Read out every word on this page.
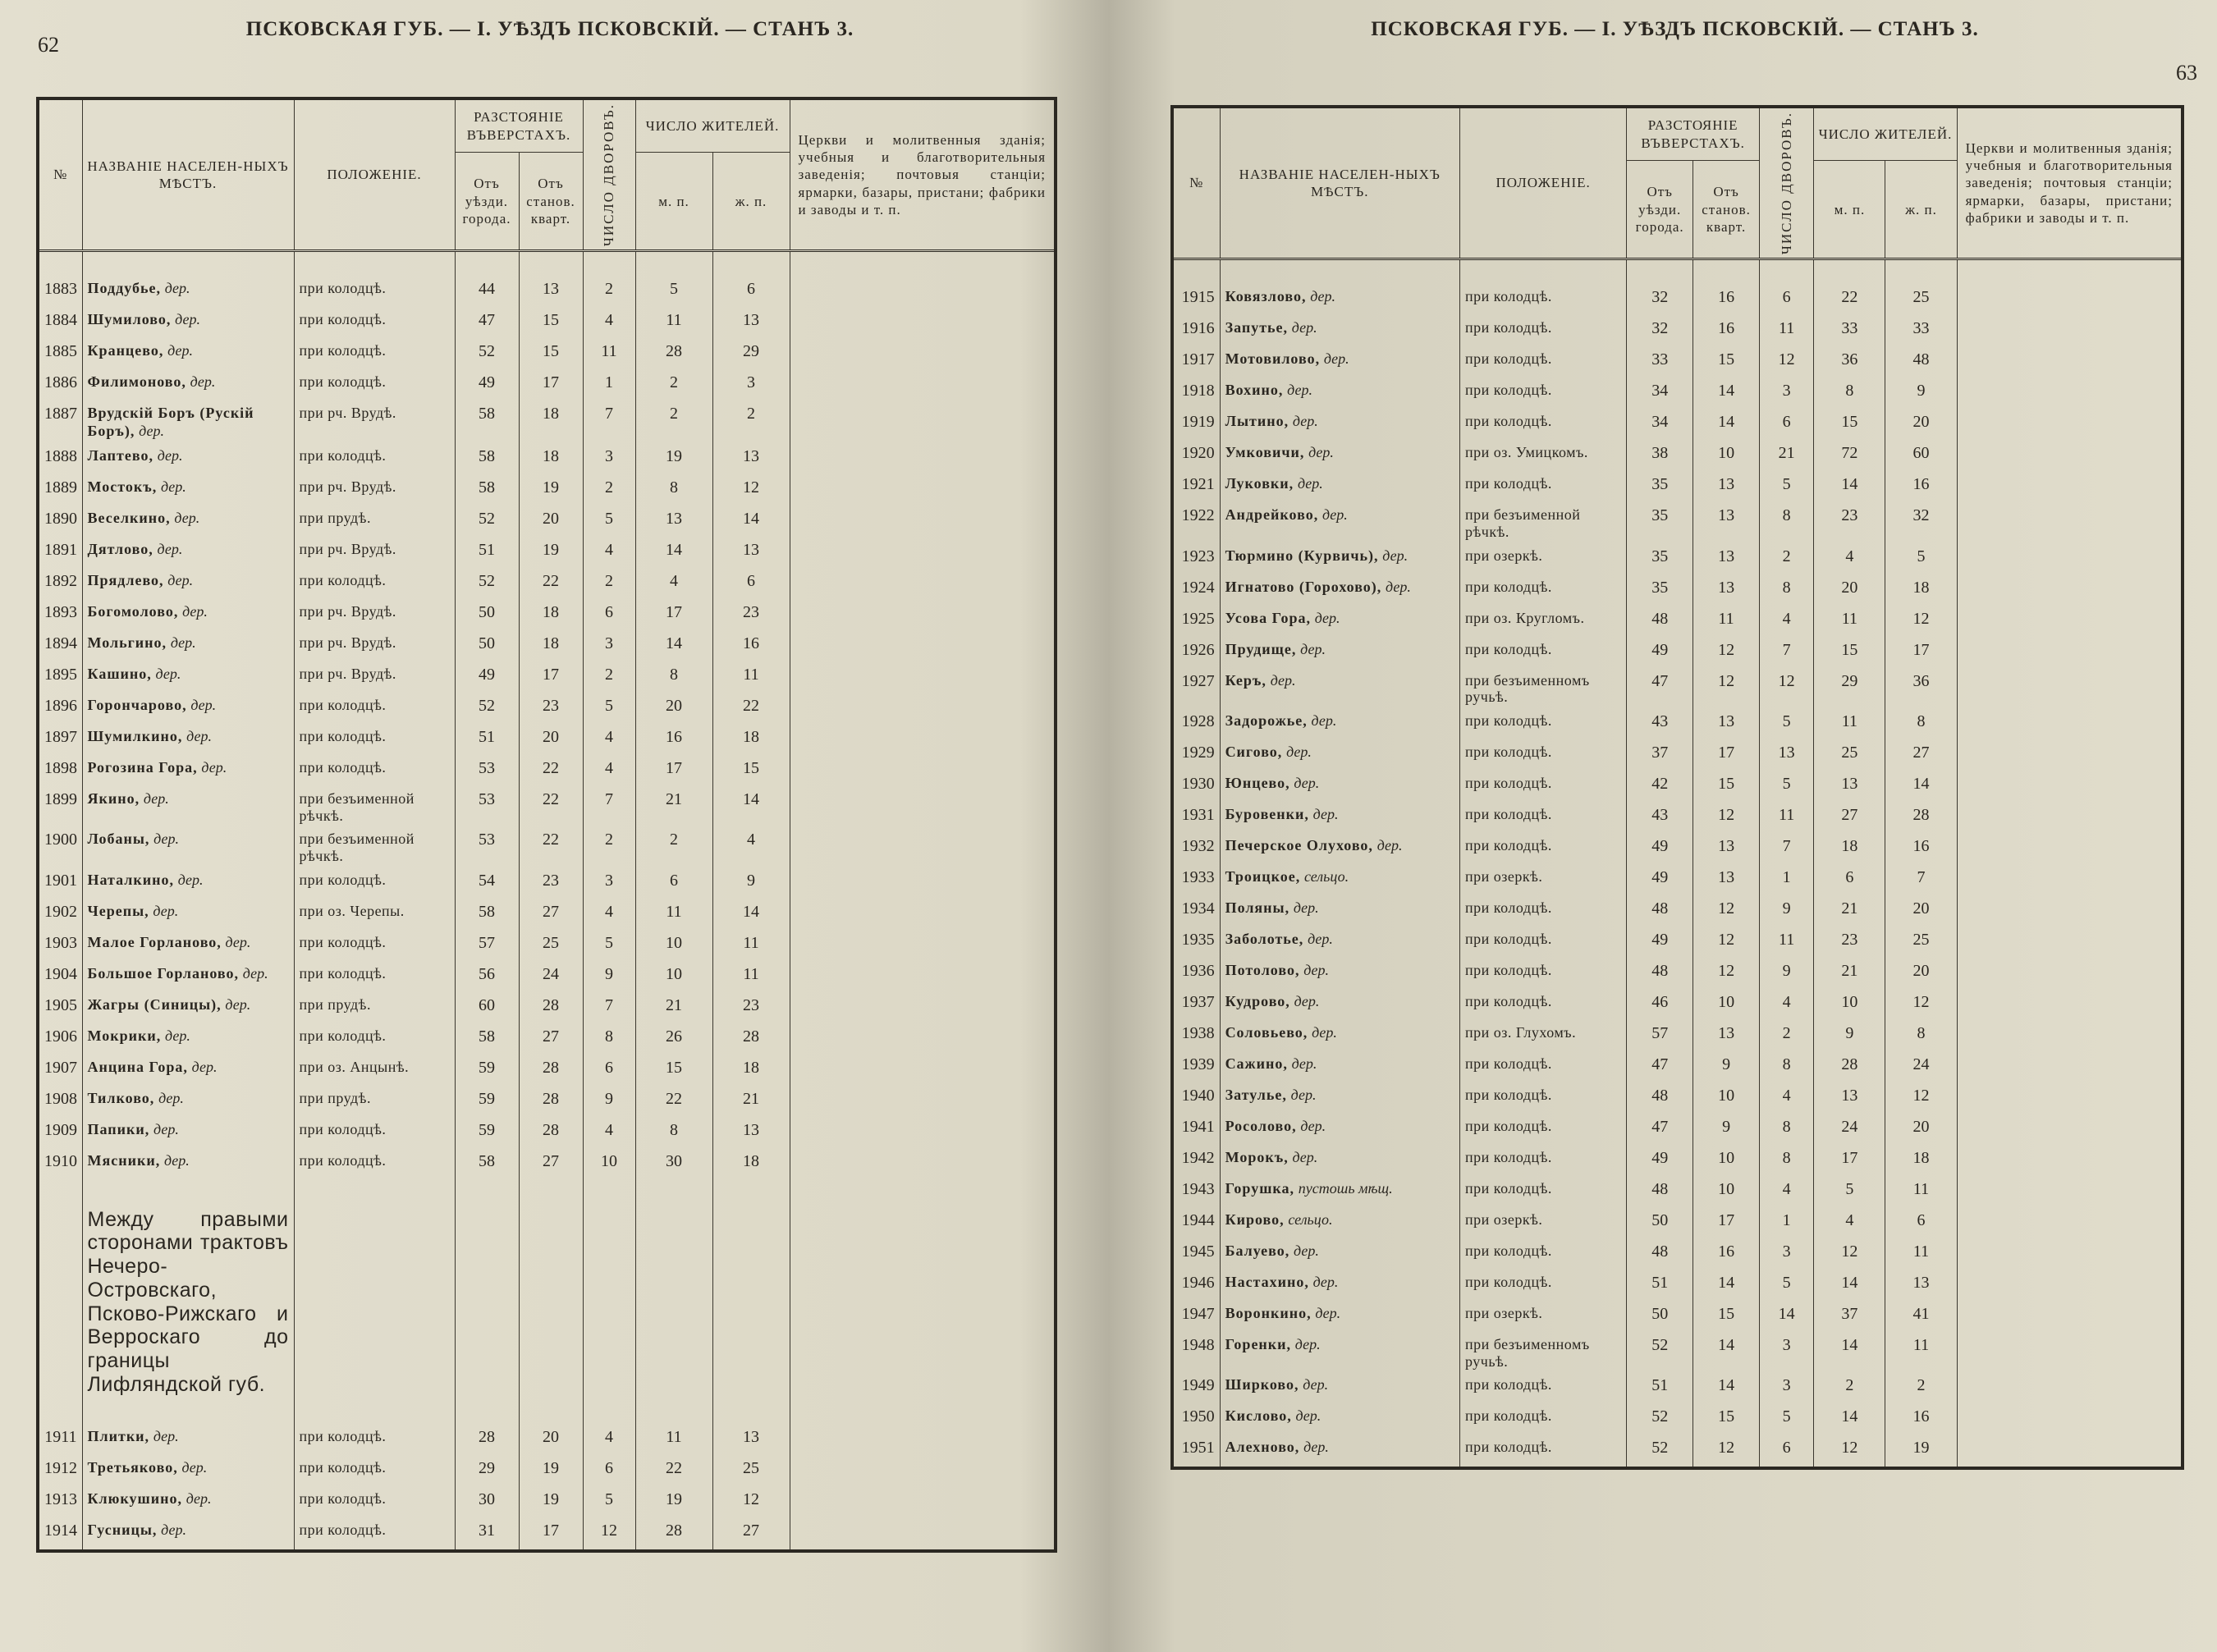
62
ПСКОВСКАЯ ГУБ. — I. УѢЗДЪ ПСКОВСКІЙ. — СТАНЪ 3.
№	НАЗВАНІЕ НАСЕЛЕН-НЫХЪ МѢСТЪ.	ПОЛОЖЕНІЕ.	РАЗСТОЯНІЕ ВЪВЕРСТАХЪ.		ЧИСЛО ДВОРОВЪ.	ЧИСЛО ЖИТЕЛЕЙ.		Церкви и молитвенныя зданія; учебныя и благотворительныя заведенія; почтовыя станціи; ярмарки, базары, пристани; фабрики и заводы и т. п.
			Отъ уѣзди. города.	Отъ станов. кварт.		м. п.	ж. п.	
1883	Поддубье, дер.	при колодцѣ.	44	13	2	5	6	
1884	Шумилово, дер.	при колодцѣ.	47	15	4	11	13	
1885	Кранцево, дер.	при колодцѣ.	52	15	11	28	29	
1886	Филимоново, дер.	при колодцѣ.	49	17	1	2	3	
1887	Врудскій Боръ (Рускій Боръ), дер.	при рч. Врудѣ.	58	18	7	2	2	
1888	Лаптево, дер.	при колодцѣ.	58	18	3	19	13	
1889	Мостокъ, дер.	при рч. Врудѣ.	58	19	2	8	12	
1890	Веселкино, дер.	при прудѣ.	52	20	5	13	14	
1891	Дятлово, дер.	при рч. Врудѣ.	51	19	4	14	13	
1892	Прядлево, дер.	при колодцѣ.	52	22	2	4	6	
1893	Богомолово, дер.	при рч. Врудѣ.	50	18	6	17	23	
1894	Мольгино, дер.	при рч. Врудѣ.	50	18	3	14	16	
1895	Кашино, дер.	при рч. Врудѣ.	49	17	2	8	11	
1896	Горончарово, дер.	при колодцѣ.	52	23	5	20	22	
1897	Шумилкино, дер.	при колодцѣ.	51	20	4	16	18	
1898	Рогозина Гора, дер.	при колодцѣ.	53	22	4	17	15	
1899	Якино, дер.	при безъименной рѣчкѣ.	53	22	7	21	14	
1900	Лобаны, дер.	при безъименной рѣчкѣ.	53	22	2	2	4	
1901	Наталкино, дер.	при колодцѣ.	54	23	3	6	9	
1902	Черепы, дер.	при оз. Черепы.	58	27	4	11	14	
1903	Малое Горланово, дер.	при колодцѣ.	57	25	5	10	11	
1904	Большое Горланово, дер.	при колодцѣ.	56	24	9	10	11	
1905	Жагры (Синицы), дер.	при прудѣ.	60	28	7	21	23	
1906	Мокрики, дер.	при колодцѣ.	58	27	8	26	28	
1907	Анцина Гора, дер.	при оз. Анцынѣ.	59	28	6	15	18	
1908	Тилково, дер.	при прудѣ.	59	28	9	22	21	
1909	Папики, дер.	при колодцѣ.	59	28	4	8	13	
1910	Мясники, дер.	при колодцѣ.	58	27	10	30	18	
	Между правыми сторонами трактовъ Нечеро-Островскаго, Псково-Рижскаго и Верроскаго до границы Лифляндской губ.							
1911	Плитки, дер.	при колодцѣ.	28	20	4	11	13	
1912	Третьяково, дер.	при колодцѣ.	29	19	6	22	25	
1913	Клюкушино, дер.	при колодцѣ.	30	19	5	19	12	
1914	Гусницы, дер.	при колодцѣ.	31	17	12	28	27	
63
ПСКОВСКАЯ ГУБ. — I. УѢЗДЪ ПСКОВСКІЙ. — СТАНЪ 3.
№	НАЗВАНІЕ НАСЕЛЕН-НЫХЪ МѢСТЪ.	ПОЛОЖЕНІЕ.	РАЗСТОЯНІЕ ВЪВЕРСТАХЪ.		ЧИСЛО ДВОРОВЪ.	ЧИСЛО ЖИТЕЛЕЙ.		Церкви и молитвенныя зданія; учебныя и благотворительныя заведенія; почтовыя станціи; ярмарки, базары, пристани; фабрики и заводы и т. п.
			Отъ уѣзди. города.	Отъ станов. кварт.		м. п.	ж. п.	
1915	Ковязлово, дер.	при колодцѣ.	32	16	6	22	25	
1916	Запутье, дер.	при колодцѣ.	32	16	11	33	33	
1917	Мотовилово, дер.	при колодцѣ.	33	15	12	36	48	
1918	Вохино, дер.	при колодцѣ.	34	14	3	8	9	
1919	Лытино, дер.	при колодцѣ.	34	14	6	15	20	
1920	Умковичи, дер.	при оз. Умицкомъ.	38	10	21	72	60	
1921	Луковки, дер.	при колодцѣ.	35	13	5	14	16	
1922	Андрейково, дер.	при безъименной рѣчкѣ.	35	13	8	23	32	
1923	Тюрмино (Курвичь), дер.	при озеркѣ.	35	13	2	4	5	
1924	Игнатово (Горохово), дер.	при колодцѣ.	35	13	8	20	18	
1925	Усова Гора, дер.	при оз. Кругломъ.	48	11	4	11	12	
1926	Прудище, дер.	при колодцѣ.	49	12	7	15	17	
1927	Керъ, дер.	при безъименномъ ручьѣ.	47	12	12	29	36	
1928	Задорожье, дер.	при колодцѣ.	43	13	5	11	8	
1929	Сигово, дер.	при колодцѣ.	37	17	13	25	27	
1930	Юнцево, дер.	при колодцѣ.	42	15	5	13	14	
1931	Буровенки, дер.	при колодцѣ.	43	12	11	27	28	
1932	Печерское Олухово, дер.	при колодцѣ.	49	13	7	18	16	
1933	Троицкое, сельцо.	при озеркѣ.	49	13	1	6	7	
1934	Поляны, дер.	при колодцѣ.	48	12	9	21	20	
1935	Заболотье, дер.	при колодцѣ.	49	12	11	23	25	
1936	Потолово, дер.	при колодцѣ.	48	12	9	21	20	
1937	Кудрово, дер.	при колодцѣ.	46	10	4	10	12	
1938	Соловьево, дер.	при оз. Глухомъ.	57	13	2	9	8	
1939	Сажино, дер.	при колодцѣ.	47	9	8	28	24	
1940	Затулье, дер.	при колодцѣ.	48	10	4	13	12	
1941	Росолово, дер.	при колодцѣ.	47	9	8	24	20	
1942	Морокъ, дер.	при колодцѣ.	49	10	8	17	18	
1943	Горушка, пустошь мѣщ.	при колодцѣ.	48	10	4	5	11	
1944	Кирово, сельцо.	при озеркѣ.	50	17	1	4	6	
1945	Балуево, дер.	при колодцѣ.	48	16	3	12	11	
1946	Настахино, дер.	при колодцѣ.	51	14	5	14	13	
1947	Воронкино, дер.	при озеркѣ.	50	15	14	37	41	
1948	Горенки, дер.	при безъименномъ ручьѣ.	52	14	3	14	11	
1949	Ширково, дер.	при колодцѣ.	51	14	3	2	2	
1950	Кислово, дер.	при колодцѣ.	52	15	5	14	16	
1951	Алехново, дер.	при колодцѣ.	52	12	6	12	19	
